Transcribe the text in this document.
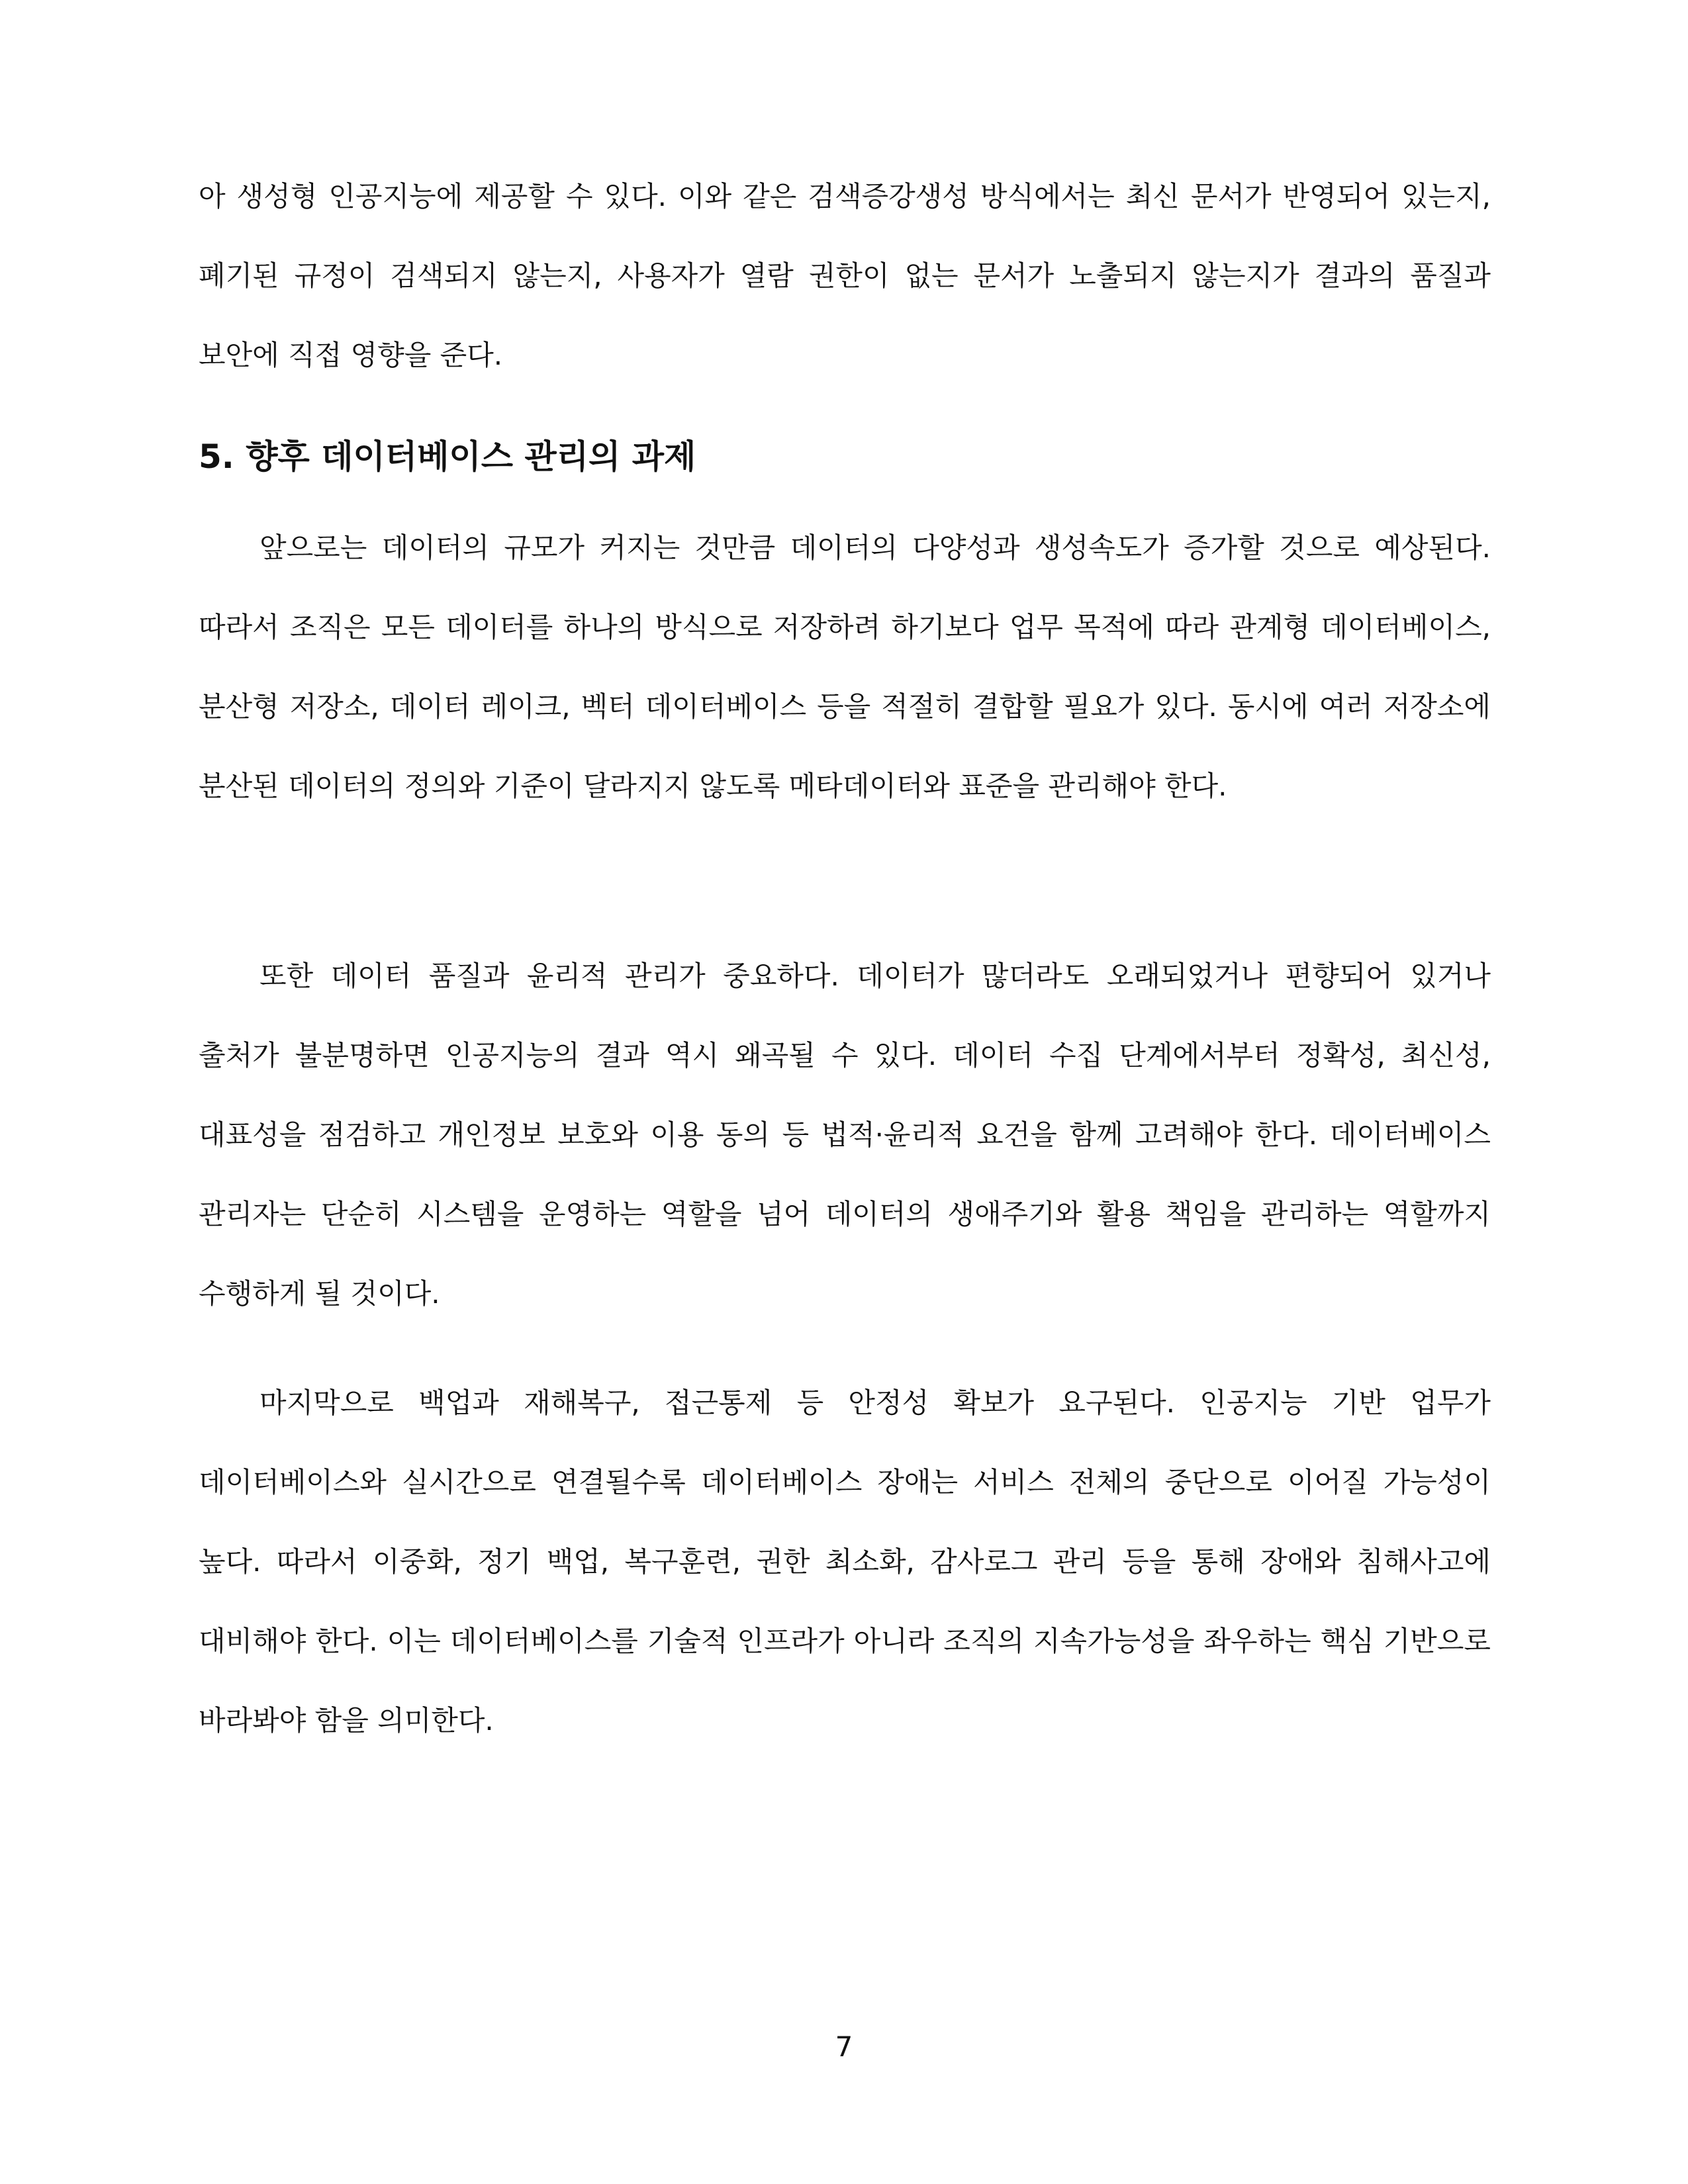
아 생성형 인공지능에 제공할 수 있다. 이와 같은 검색증강생성 방식에서는 최신 문서가 반영되어 있는지, 폐기된 규정이 검색되지 않는지, 사용자가 열람 권한이 없는 문서가 노출되지 않는지가 결과의 품질과 보안에 직접 영향을 준다.

5. 향후 데이터베이스 관리의 과제

앞으로는 데이터의 규모가 커지는 것만큼 데이터의 다양성과 생성속도가 증가할 것으로 예상된다. 따라서 조직은 모든 데이터를 하나의 방식으로 저장하려 하기보다 업무 목적에 따라 관계형 데이터베이스, 분산형 저장소, 데이터 레이크, 벡터 데이터베이스 등을 적절히 결합할 필요가 있다. 동시에 여러 저장소에 분산된 데이터의 정의와 기준이 달라지지 않도록 메타데이터와 표준을 관리해야 한다.

또한 데이터 품질과 윤리적 관리가 중요하다. 데이터가 많더라도 오래되었거나 편향되어 있거나 출처가 불분명하면 인공지능의 결과 역시 왜곡될 수 있다. 데이터 수집 단계에서부터 정확성, 최신성, 대표성을 점검하고 개인정보 보호와 이용 동의 등 법적·윤리적 요건을 함께 고려해야 한다. 데이터베이스 관리자는 단순히 시스템을 운영하는 역할을 넘어 데이터의 생애주기와 활용 책임을 관리하는 역할까지 수행하게 될 것이다.

마지막으로 백업과 재해복구, 접근통제 등 안정성 확보가 요구된다. 인공지능 기반 업무가 데이터베이스와 실시간으로 연결될수록 데이터베이스 장애는 서비스 전체의 중단으로 이어질 가능성이 높다. 따라서 이중화, 정기 백업, 복구훈련, 권한 최소화, 감사로그 관리 등을 통해 장애와 침해사고에 대비해야 한다. 이는 데이터베이스를 기술적 인프라가 아니라 조직의 지속가능성을 좌우하는 핵심 기반으로 바라봐야 함을 의미한다.

7
